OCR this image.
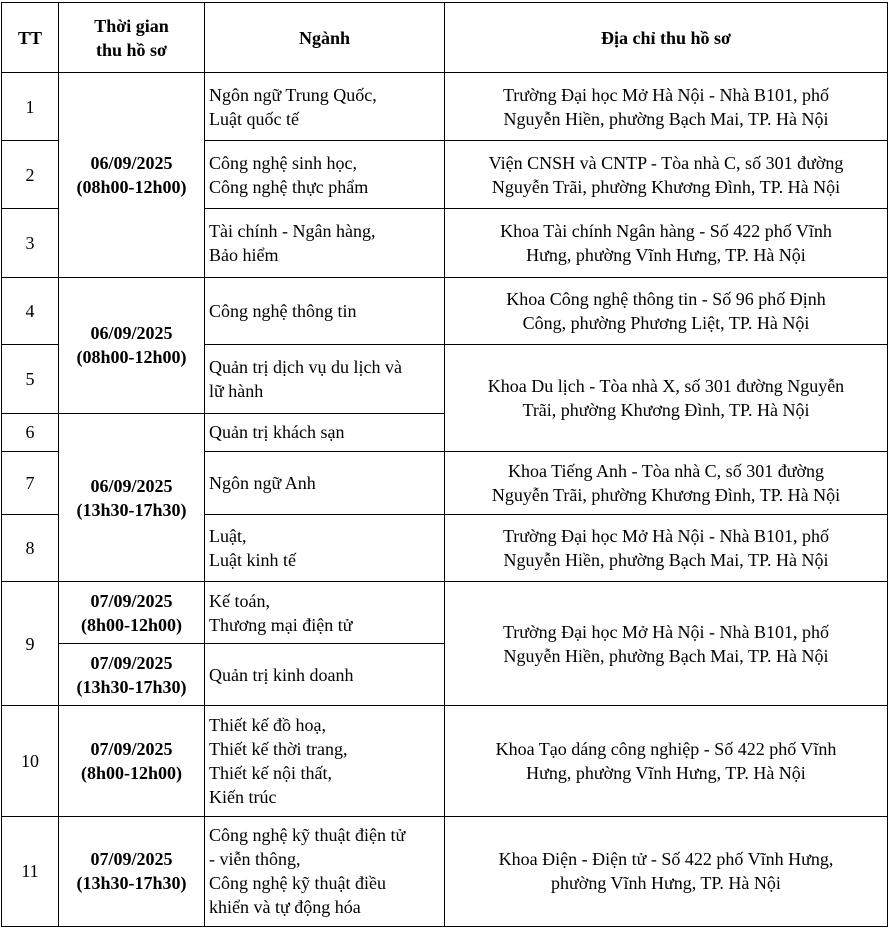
TT	Thời gian
thu hồ sơ	Ngành	Địa chỉ thu hồ sơ
1	06/09/2025
(08h00-12h00)	Ngôn ngữ Trung Quốc,
Luật quốc tế	Trường Đại học Mở Hà Nội - Nhà B101, phố
Nguyễn Hiền, phường Bạch Mai, TP. Hà Nội

2		Công nghệ sinh học,
Công nghệ thực phẩm	Viện CNSH và CNTP - Tòa nhà C, số 301 đường
Nguyễn Trãi, phường Khương Đình, TP. Hà Nội

3		Tài chính - Ngân hàng,
Bảo hiểm	Khoa Tài chính Ngân hàng - Số 422 phố Vĩnh
Hưng, phường Vĩnh Hưng, TP. Hà Nội

4	06/09/2025
(08h00-12h00)	Công nghệ thông tin	Khoa Công nghệ thông tin - Số 96 phố Định
Công, phường Phương Liệt, TP. Hà Nội

5		Quản trị dịch vụ du lịch và
lữ hành	Khoa Du lịch - Tòa nhà X, số 301 đường Nguyễn
Trãi, phường Khương Đình, TP. Hà Nội

6	06/09/2025
(13h30-17h30)	Quản trị khách sạn	

7		Ngôn ngữ Anh	Khoa Tiếng Anh - Tòa nhà C, số 301 đường
Nguyễn Trãi, phường Khương Đình, TP. Hà Nội

8		Luật,
Luật kinh tế	Trường Đại học Mở Hà Nội - Nhà B101, phố
Nguyễn Hiền, phường Bạch Mai, TP. Hà Nội

9	07/09/2025
(8h00-12h00)	Kế toán,
Thương mại điện tử	Trường Đại học Mở Hà Nội - Nhà B101, phố
Nguyễn Hiền, phường Bạch Mai, TP. Hà Nội

	07/09/2025
(13h30-17h30)	Quản trị kinh doanh	

10	07/09/2025
(8h00-12h00)	Thiết kế đồ hoạ,
Thiết kế thời trang,
Thiết kế nội thất,
Kiến trúc	Khoa Tạo dáng công nghiệp - Số 422 phố Vĩnh
Hưng, phường Vĩnh Hưng, TP. Hà Nội

11	07/09/2025
(13h30-17h30)	Công nghệ kỹ thuật điện tử
- viễn thông,
Công nghệ kỹ thuật điều
khiển và tự động hóa	Khoa Điện - Điện tử - Số 422 phố Vĩnh Hưng,
phường Vĩnh Hưng, TP. Hà Nội
